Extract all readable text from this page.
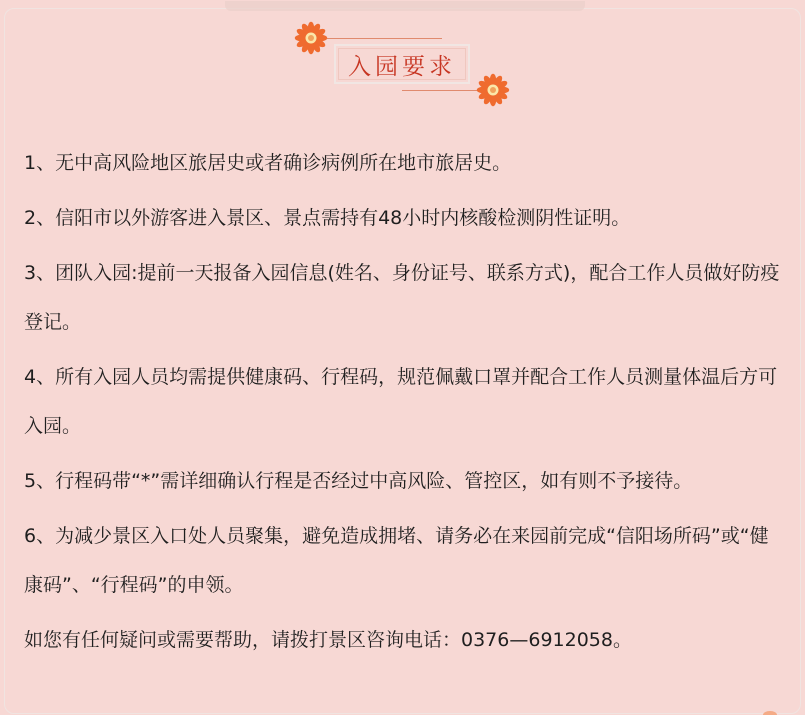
入园要求

1、无中高风险地区旅居史或者确诊病例所在地市旅居史。

2、信阳市以外游客进入景区、景点需持有48小时内核酸检测阴性证明。

3、团队入园:提前一天报备入园信息(姓名、身份证号、联系方式)，配合工作人员做好防疫登记。

4、所有入园人员均需提供健康码、行程码，规范佩戴口罩并配合工作人员测量体温后方可入园。

5、行程码带“*”需详细确认行程是否经过中高风险、管控区，如有则不予接待。

6、为减少景区入口处人员聚集，避免造成拥堵、请务必在来园前完成“信阳场所码”或“健康码”、“行程码”的申领。

如您有任何疑问或需要帮助，请拨打景区咨询电话：0376—6912058。
